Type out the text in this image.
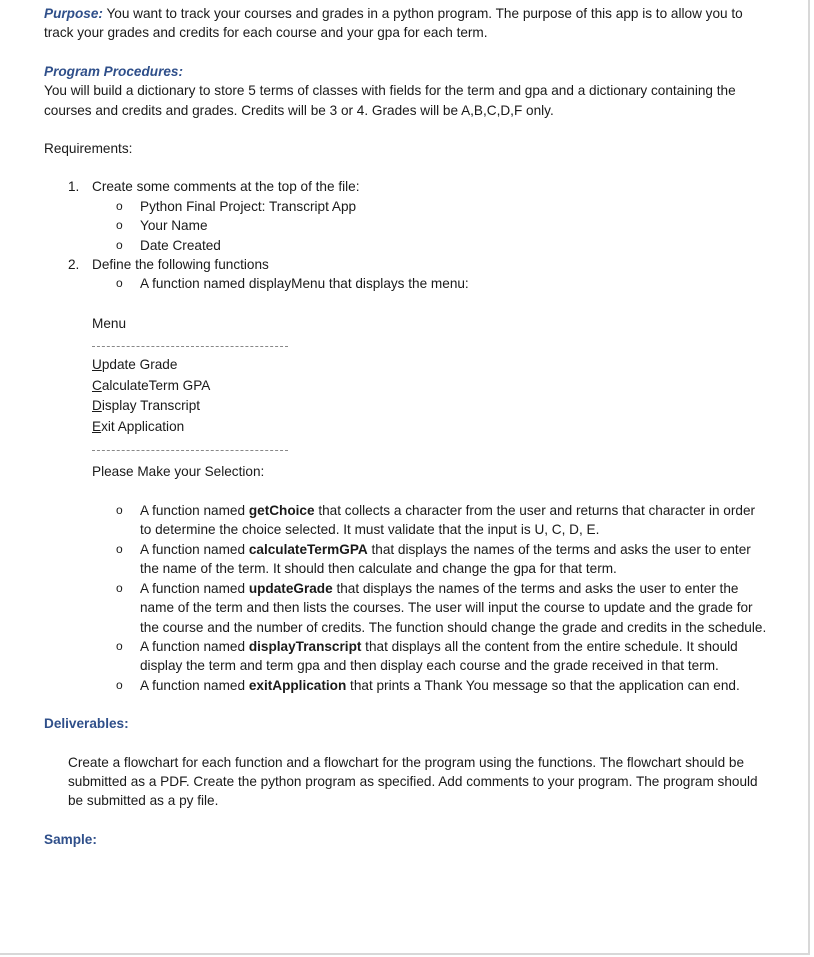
Purpose: You want to track your courses and grades in a python program. The purpose of this app is to allow you to track your grades and credits for each course and your gpa for each term.

Program Procedures:

You will build a dictionary to store 5 terms of classes with fields for the term and gpa and a dictionary containing the courses and credits and grades. Credits will be 3 or 4. Grades will be A,B,C,D,F only.

Requirements:

1. Create some comments at the top of the file:
o Python Final Project: Transcript App
o Your Name
o Date Created
2. Define the following functions
o A function named displayMenu that displays the menu:

Menu

Update Grade
CalculateTerm GPA
Display Transcript
Exit Application

Please Make your Selection:

o A function named getChoice that collects a character from the user and returns that character in order to determine the choice selected. It must validate that the input is U, C, D, E.
o A function named calculateTermGPA that displays the names of the terms and asks the user to enter the name of the term. It should then calculate and change the gpa for that term.
o A function named updateGrade that displays the names of the terms and asks the user to enter the name of the term and then lists the courses. The user will input the course to update and the grade for the course and the number of credits. The function should change the grade and credits in the schedule.
o A function named displayTranscript that displays all the content from the entire schedule. It should display the term and term gpa and then display each course and the grade received in that term.
o A function named exitApplication that prints a Thank You message so that the application can end.

Deliverables:

Create a flowchart for each function and a flowchart for the program using the functions. The flowchart should be submitted as a PDF. Create the python program as specified. Add comments to your program. The program should be submitted as a py file.

Sample:
